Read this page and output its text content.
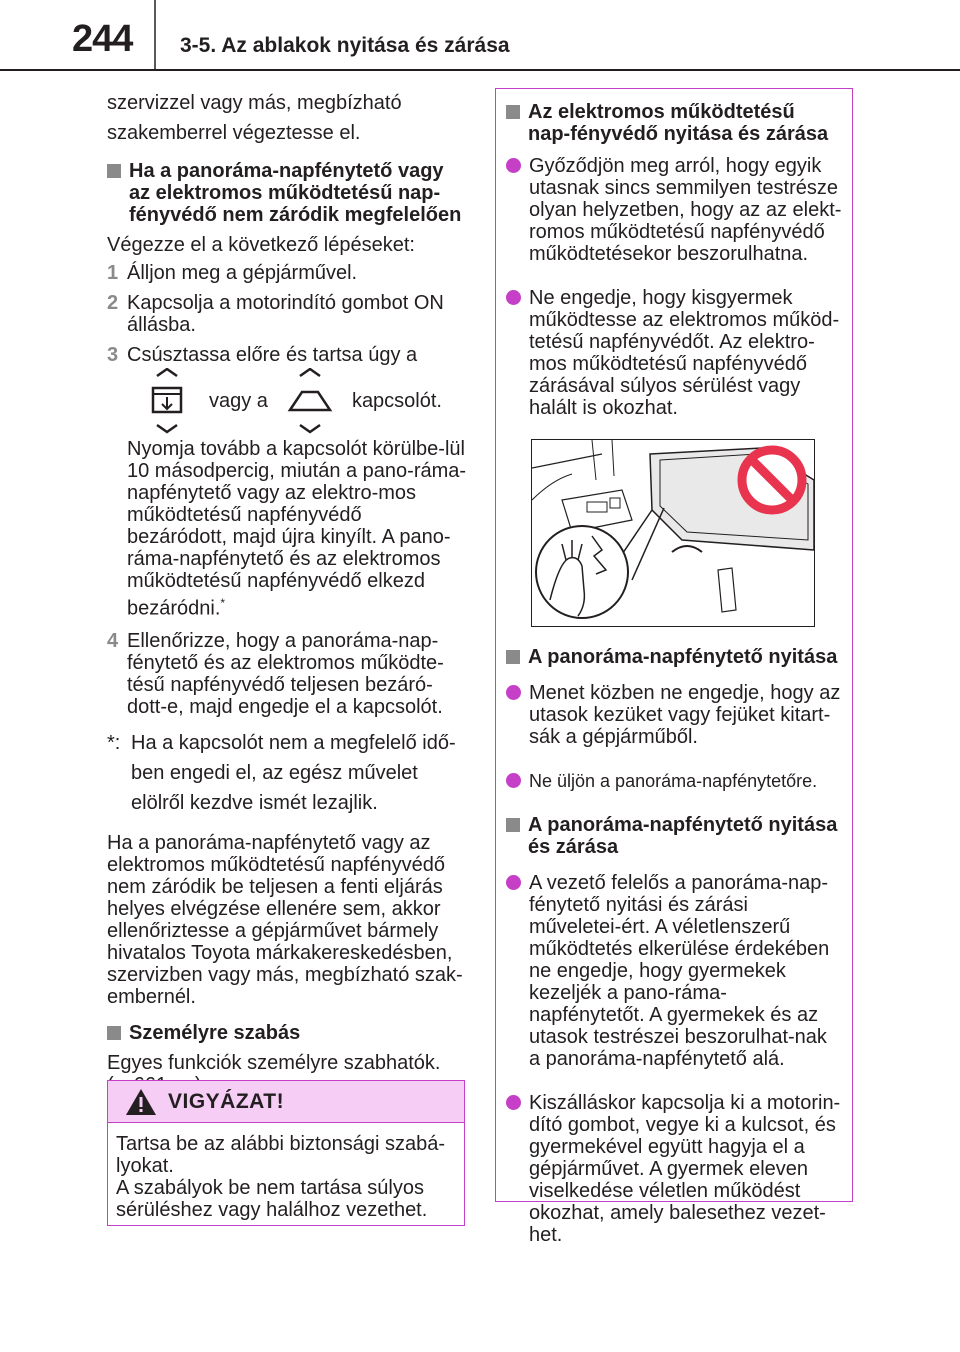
244 3-5. Az ablakok nyitása és zárása
szervizzel vagy más, megbízható
szakemberrel végeztesse el.
Ha a panoráma-napfénytető vagy az elektromos működtetésű nap-fényvédő nem záródik megfelelően
Végezze el a következő lépéseket:
1 Álljon meg a gépjárművel.
2 Kapcsolja a motorindító gombot ON állásba.
3 Csúsztassa előre és tartsa úgy a
vagy a	kapcsolót.
Nyomja tovább a kapcsolót körülbe-lül 10 másodpercig, miután a pano-ráma-napfénytető vagy az elektro-mos működtetésű napfényvédő bezáródott, majd újra kinyílt. A pano-ráma-napfénytető és az elektromos működtetésű napfényvédő elkezd bezáródni.*
4 Ellenőrizze, hogy a panoráma-nap-fénytető és az elektromos működte-tésű napfényvédő teljesen bezáró-dott-e, majd engedje el a kapcsolót.
*: Ha a kapcsolót nem a megfelelő idő-ben engedi el, az egész művelet elölről kezdve ismét lezajlik.
Ha a panoráma-napfénytető vagy az elektromos működtetésű napfényvédő nem záródik be teljesen a fenti eljárás helyes elvégzése ellenére sem, akkor ellenőriztesse a gépjárművet bármely hivatalos Toyota márkakereskedésben, szervizben vagy más, megbízható szak-embernél.
Személyre szabás
Egyes funkciók személyre szabhatók.
VIGYÁZAT!
Tartsa be az alábbi biztonsági szabá-lyokat.
A szabályok be nem tartása súlyos sérüléshez vagy halálhoz vezethet.
Az elektromos működtetésű nap-fényvédő nyitása és zárása
Győződjön meg arról, hogy egyik utasnak sincs semmilyen testrésze olyan helyzetben, hogy az az elekt-romos működtetésű napfényvédő működtetésekor beszorulhatna.
Ne engedje, hogy kisgyermek működtesse az elektromos működ-tetésű napfényvédőt. Az elektro-mos működtetésű napfényvédő zárásával súlyos sérülést vagy halált is okozhat.
A panoráma-napfénytető nyitása
Menet közben ne engedje, hogy az utasok kezüket vagy fejüket kitart-sák a gépjárműből.
Ne üljön a panoráma-napfénytetőre.
A panoráma-napfénytető nyitása és zárása
A vezető felelős a panoráma-nap-fénytető nyitási és zárási műveletei-ért. A véletlenszerű működtetés elkerülése érdekében ne engedje, hogy gyermekek kezeljék a pano-ráma-napfénytetőt. A gyermekek és az utasok testrészei beszorulhat-nak a panoráma-napfénytető alá.
Kiszálláskor kapcsolja ki a motorin-dító gombot, vegye ki a kulcsot, és gyermekével együtt hagyja el a gépjárművet. A gyermek eleven viselkedése véletlen működést okozhat, amely balesethez vezet-het.
